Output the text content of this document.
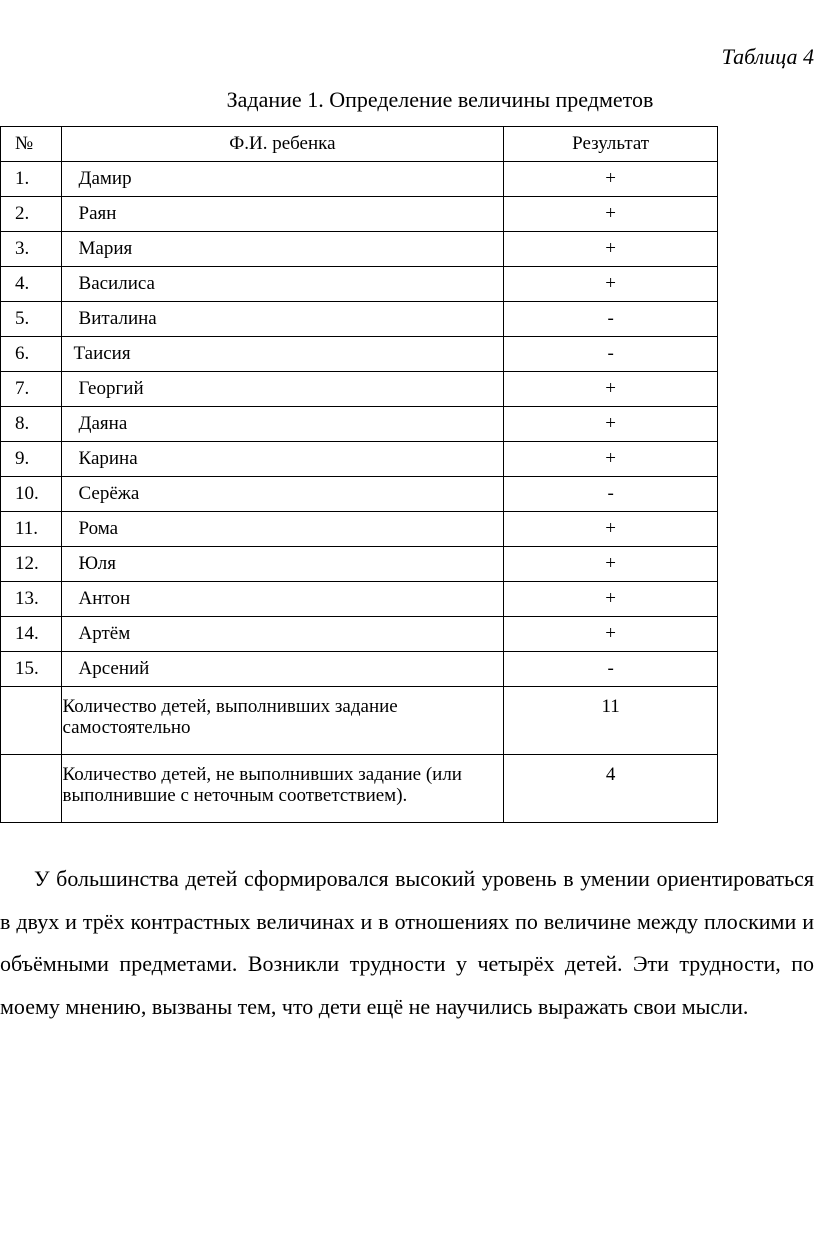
Таблица 4
Задание 1. Определение величины предметов
№	Ф.И. ребенка	Результат
1.	Дамир	+
2.	Раян	+
3.	Мария	+
4.	Василиса	+
5.	Виталина	-
6.	Таисия	-
7.	Георгий	+
8.	Даяна	+
9.	Карина	+
10.	Серёжа	-
11.	Рома	+
12.	Юля	+
13.	Антон	+
14.	Артём	+
15.	Арсений	-
	Количество детей, выполнивших задание самостоятельно	11
	Количество детей, не выполнивших задание (или выполнившие с неточным соответствием).	4

У большинства детей сформировался высокий уровень в умении ориентироваться в двух и трёх контрастных величинах и в отношениях по величине между плоскими и объёмными предметами. Возникли трудности у четырёх детей. Эти трудности, по моему мнению, вызваны тем, что дети ещё не научились выражать свои мысли.
